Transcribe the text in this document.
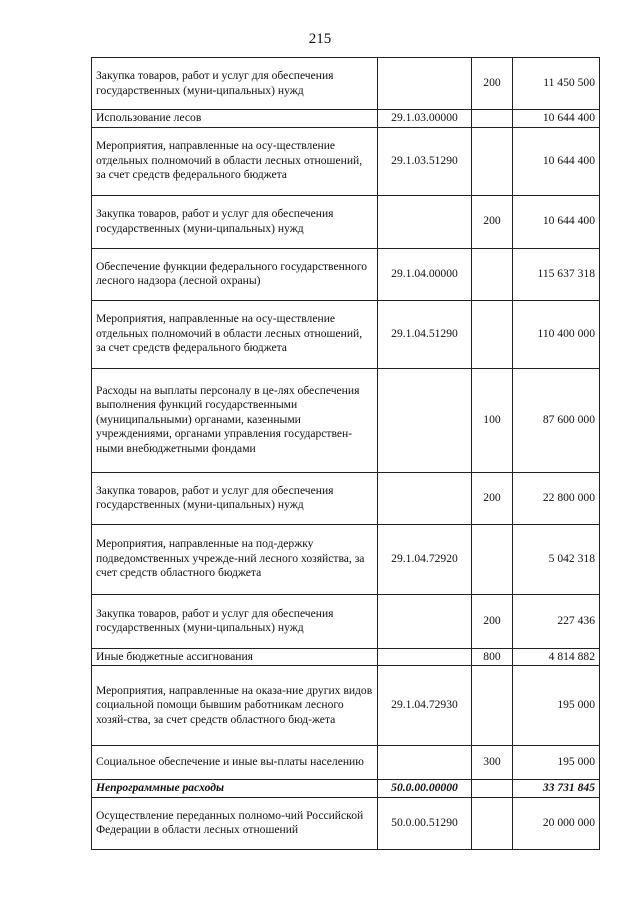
215
Закупка товаров, работ и услуг для обеспечения государственных (муни-ципальных) нужд		200	11 450 500
Использование лесов	29.1.03.00000		10 644 400
Мероприятия, направленные на осу-ществление отдельных полномочий в области лесных отношений, за счет средств федерального бюджета	29.1.03.51290		10 644 400
Закупка товаров, работ и услуг для обеспечения государственных (муни-ципальных) нужд		200	10 644 400
Обеспечение функции федерального государственного лесного надзора (лесной охраны)	29.1.04.00000		115 637 318
Мероприятия, направленные на осу-ществление отдельных полномочий в области лесных отношений, за счет средств федерального бюджета	29.1.04.51290		110 400 000
Расходы на выплаты персоналу в це-лях обеспечения выполнения функций государственными (муниципальными) органами, казенными учреждениями, органами управления государствен-ными внебюджетными фондами		100	87 600 000
Закупка товаров, работ и услуг для обеспечения государственных (муни-ципальных) нужд		200	22 800 000
Мероприятия, направленные на под-держку подведомственных учрежде-ний лесного хозяйства, за счет средств областного бюджета	29.1.04.72920		5 042 318
Закупка товаров, работ и услуг для обеспечения государственных (муни-ципальных) нужд		200	227 436
Иные бюджетные ассигнования		800	4 814 882
Мероприятия, направленные на оказа-ние других видов социальной помощи бывшим работникам лесного хозяй-ства, за счет средств областного бюд-жета	29.1.04.72930		195 000
Социальное обеспечение и иные вы-платы населению		300	195 000
Непрограммные расходы	50.0.00.00000		33 731 845
Осуществление переданных полномо-чий Российской Федерации в области лесных отношений	50.0.00.51290		20 000 000
